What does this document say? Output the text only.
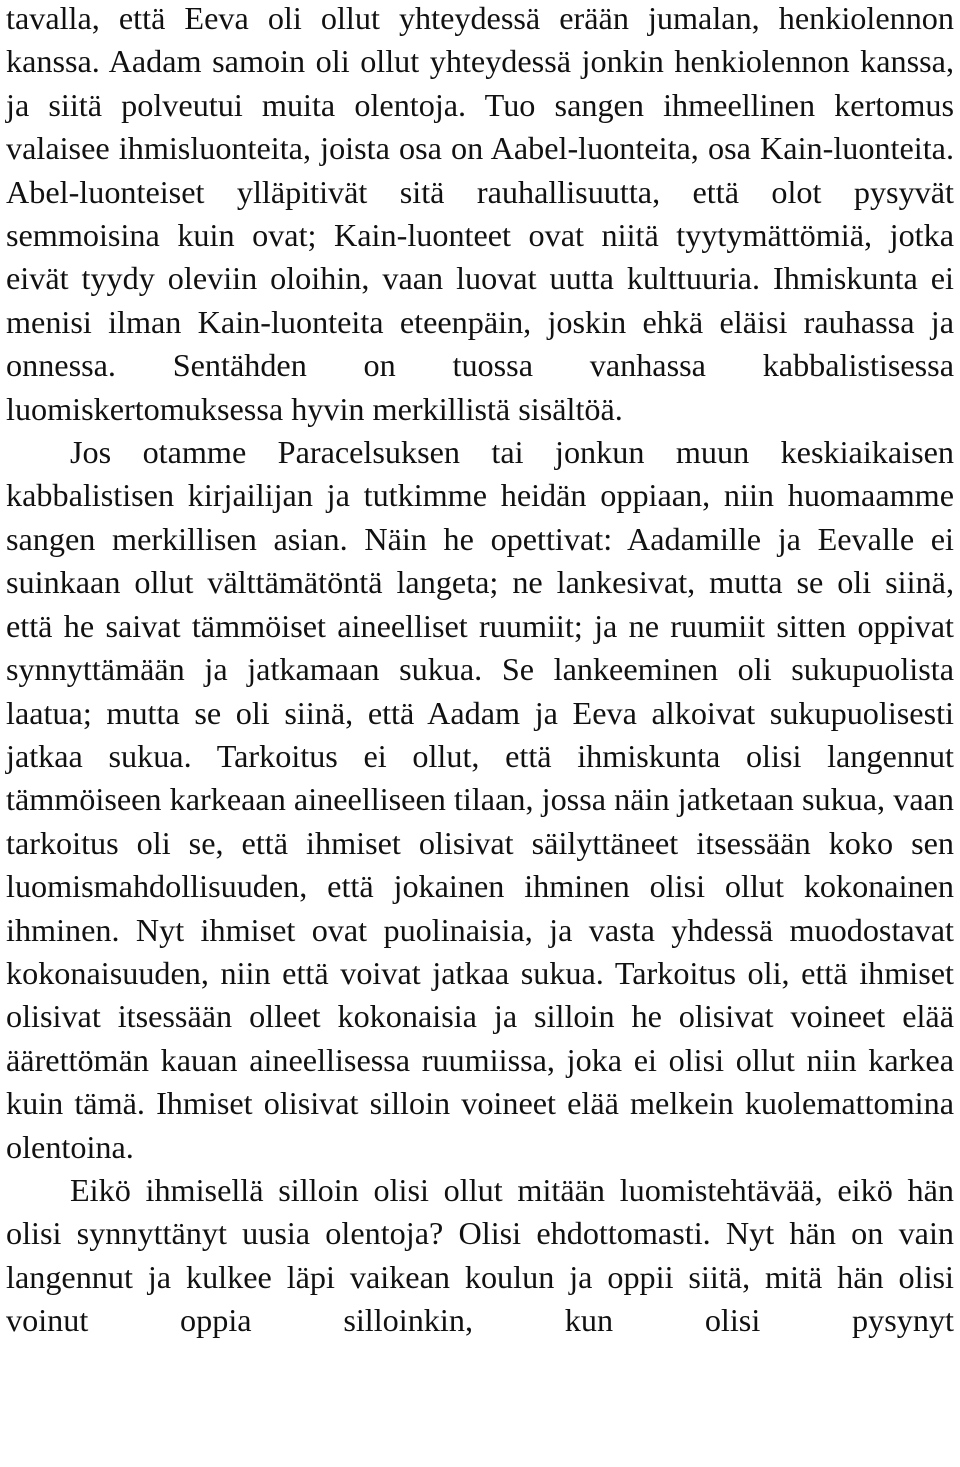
tavalla, että Eeva oli ollut yhteydessä erään jumalan, henkiolennon kanssa. Aadam samoin oli ollut yhteydessä jonkin henkiolennon kanssa, ja siitä polveutui muita olentoja. Tuo sangen ihmeellinen kertomus valaisee ihmisluonteita, joista osa on Aabel-luonteita, osa Kain-luonteita. Abel-luonteiset ylläpitivät sitä rauhallisuutta, että olot pysyvät semmoisina kuin ovat; Kain-luonteet ovat niitä tyytymättömiä, jotka eivät tyydy oleviin oloihin, vaan luovat uutta kulttuuria. Ihmiskunta ei menisi ilman Kain-luonteita eteenpäin, joskin ehkä eläisi rauhassa ja onnessa. Sentähden on tuossa vanhassa kabbalistisessa luomiskertomuksessa hyvin merkillistä sisältöä.

Jos otamme Paracelsuksen tai jonkun muun keskiaikaisen kabbalistisen kirjailijan ja tutkimme heidän oppiaan, niin huomaamme sangen merkillisen asian. Näin he opettivat: Aadamille ja Eevalle ei suinkaan ollut välttämätöntä langeta; ne lankesivat, mutta se oli siinä, että he saivat tämmöiset aineelliset ruumiit; ja ne ruumiit sitten oppivat synnyttämään ja jatkamaan sukua. Se lankeeminen oli sukupuolista laatua; mutta se oli siinä, että Aadam ja Eeva alkoivat sukupuolisesti jatkaa sukua. Tarkoitus ei ollut, että ihmiskunta olisi langennut tämmöiseen karkeaan aineelliseen tilaan, jossa näin jatketaan sukua, vaan tarkoitus oli se, että ihmiset olisivat säilyttäneet itsessään koko sen luomismahdollisuuden, että jokainen ihminen olisi ollut kokonainen ihminen. Nyt ihmiset ovat puolinaisia, ja vasta yhdessä muodostavat kokonaisuuden, niin että voivat jatkaa sukua. Tarkoitus oli, että ihmiset olisivat itsessään olleet kokonaisia ja silloin he olisivat voineet elää äärettömän kauan aineellisessa ruumiissa, joka ei olisi ollut niin karkea kuin tämä. Ihmiset olisivat silloin voineet elää melkein kuolemattomina olentoina.

Eikö ihmisellä silloin olisi ollut mitään luomistehtävää, eikö hän olisi synnyttänyt uusia olentoja? Olisi ehdottomasti. Nyt hän on vain langennut ja kulkee läpi vaikean koulun ja oppii siitä, mitä hän olisi voinut oppia silloinkin, kun olisi pysynyt
